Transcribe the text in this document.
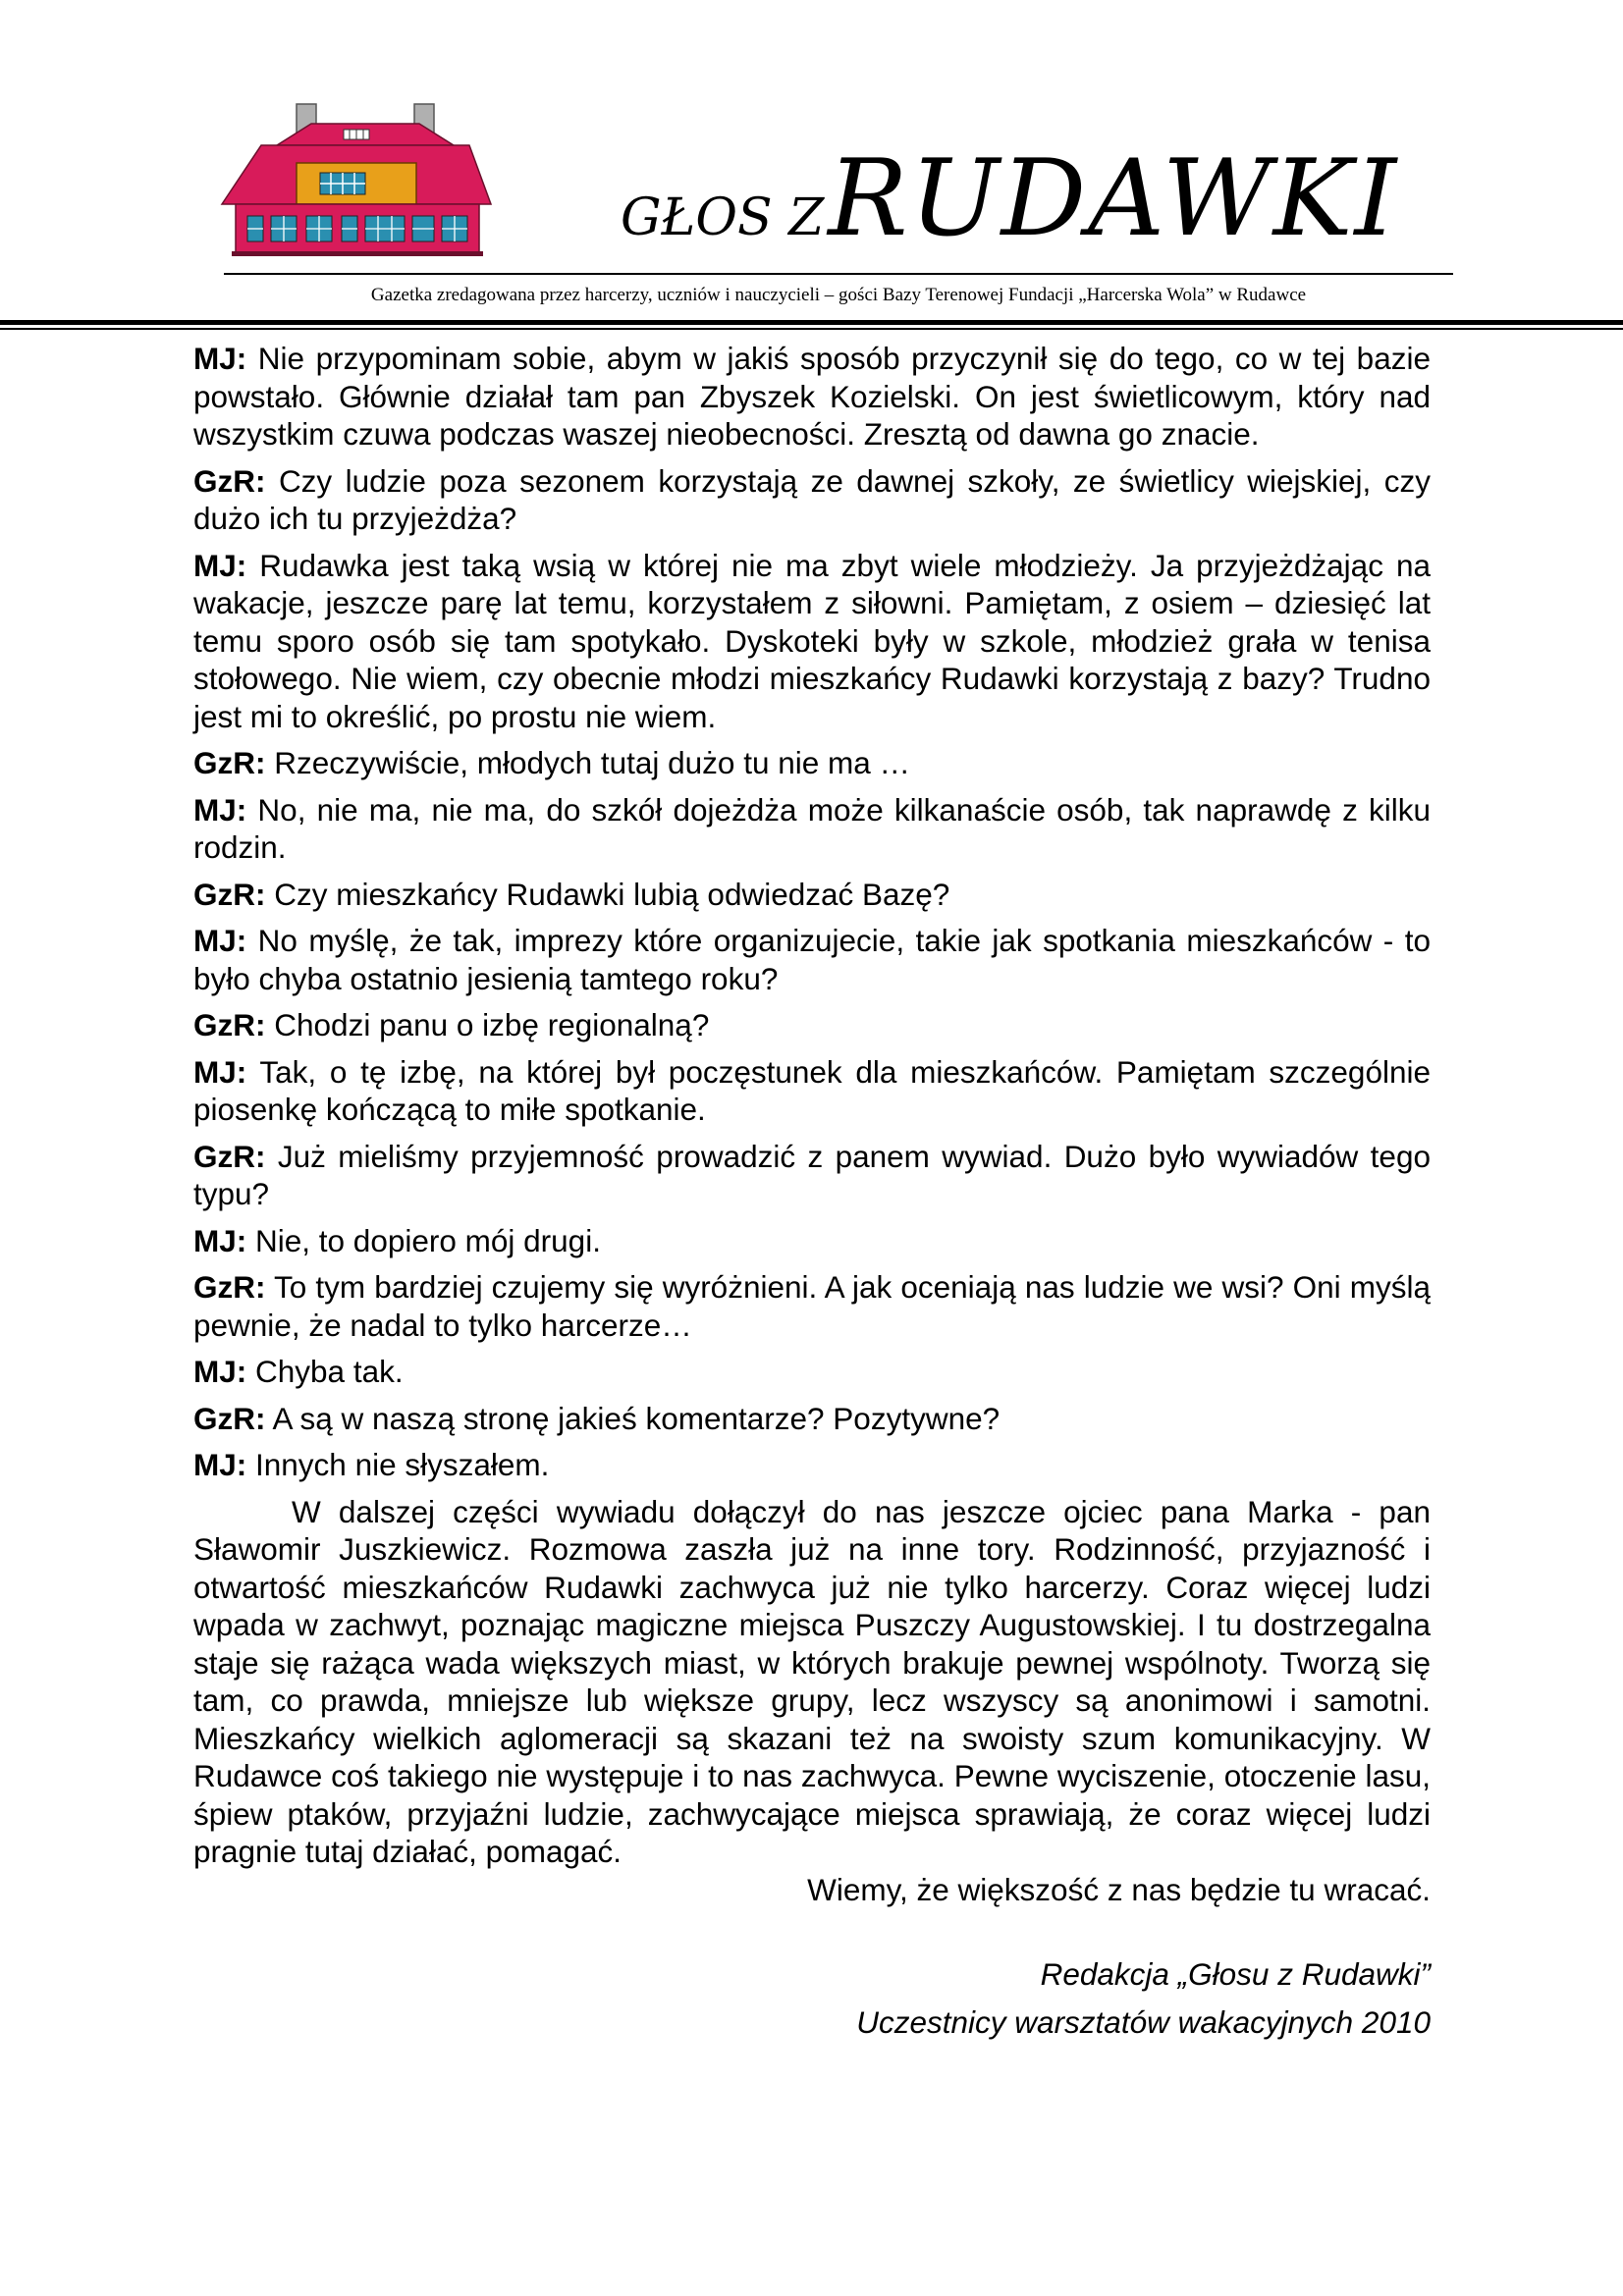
GŁOS Z RUDAWKI
Gazetka zredagowana przez harcerzy, uczniów i nauczycieli – gości Bazy Terenowej Fundacji „Harcerska Wola” w Rudawce

MJ: Nie przypominam sobie, abym w jakiś sposób przyczynił się do tego, co w tej bazie powstało. Głównie działał tam pan Zbyszek Kozielski. On jest świetlicowym, który nad wszystkim czuwa podczas waszej nieobecności. Zresztą od dawna go znacie.

GzR: Czy ludzie poza sezonem korzystają ze dawnej szkoły, ze świetlicy wiejskiej, czy dużo ich tu przyjeżdża?

MJ: Rudawka jest taką wsią w której nie ma zbyt wiele młodzieży. Ja przyjeżdżając na wakacje, jeszcze parę lat temu, korzystałem z siłowni. Pamiętam, z osiem – dziesięć lat temu sporo osób się tam spotykało. Dyskoteki były w szkole, młodzież grała w tenisa stołowego. Nie wiem, czy obecnie młodzi mieszkańcy Rudawki korzystają z bazy? Trudno jest mi to określić, po prostu nie wiem.

GzR: Rzeczywiście, młodych tutaj dużo tu nie ma …

MJ: No, nie ma, nie ma, do szkół dojeżdża może kilkanaście osób, tak naprawdę z kilku rodzin.

GzR: Czy mieszkańcy Rudawki lubią odwiedzać Bazę?

MJ: No myślę, że tak, imprezy które organizujecie, takie jak spotkania mieszkańców - to było chyba ostatnio jesienią tamtego roku?

GzR: Chodzi panu o izbę regionalną?

MJ: Tak, o tę izbę, na której był poczęstunek dla mieszkańców. Pamiętam szczególnie piosenkę kończącą to miłe spotkanie.

GzR: Już mieliśmy przyjemność prowadzić z panem wywiad. Dużo było wywiadów tego typu?

MJ: Nie, to dopiero mój drugi.

GzR: To tym bardziej czujemy się wyróżnieni. A jak oceniają nas ludzie we wsi? Oni myślą pewnie, że nadal to tylko harcerze…

MJ: Chyba tak.

GzR: A są w naszą stronę jakieś komentarze? Pozytywne?

MJ: Innych nie słyszałem.

W dalszej części wywiadu dołączył do nas jeszcze ojciec pana Marka - pan Sławomir Juszkiewicz. Rozmowa zaszła już na inne tory. Rodzinność, przyjazność i otwartość mieszkańców Rudawki zachwyca już nie tylko harcerzy. Coraz więcej ludzi wpada w zachwyt, poznając magiczne miejsca Puszczy Augustowskiej. I tu dostrzegalna staje się rażąca wada większych miast, w których brakuje pewnej wspólnoty. Tworzą się tam, co prawda, mniejsze lub większe grupy, lecz wszyscy są anonimowi i samotni. Mieszkańcy wielkich aglomeracji są skazani też na swoisty szum komunikacyjny. W Rudawce coś takiego nie występuje i to nas zachwyca. Pewne wyciszenie, otoczenie lasu, śpiew ptaków, przyjaźni ludzie, zachwycające miejsca sprawiają, że coraz więcej ludzi pragnie tutaj działać, pomagać.

Wiemy, że większość z nas będzie tu wracać.

Redakcja „Głosu z Rudawki”

Uczestnicy warsztatów wakacyjnych 2010
